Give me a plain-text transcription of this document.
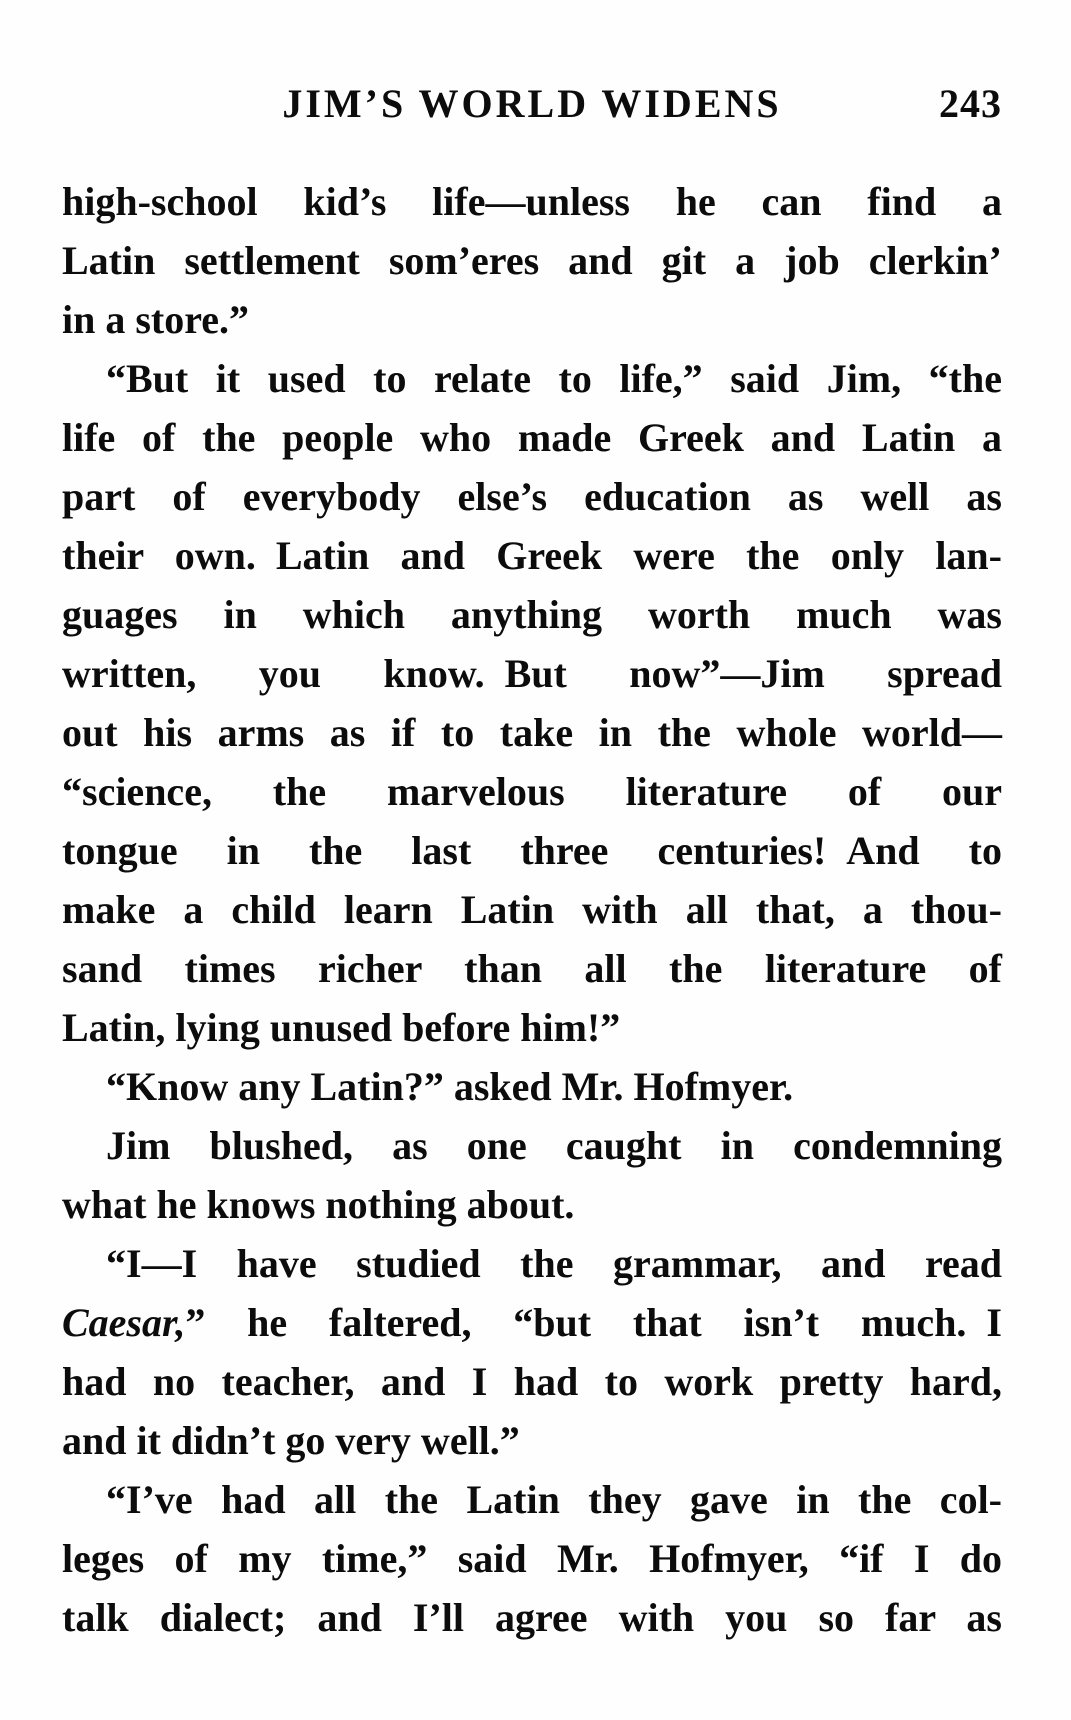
JIM’S WORLD WIDENS	243
high-school kid’s life—unless he can find a
Latin settlement som’eres and git a job clerkin’
in a store.”
“But it used to relate to life,” said Jim, “the
life of the people who made Greek and Latin a
part of everybody else’s education as well as
their own. Latin and Greek were the only lan-
guages in which anything worth much was
written, you know. But now”—Jim spread
out his arms as if to take in the whole world—
“science, the marvelous literature of our
tongue in the last three centuries! And to
make a child learn Latin with all that, a thou-
sand times richer than all the literature of
Latin, lying unused before him!”
“Know any Latin?” asked Mr. Hofmyer.
Jim blushed, as one caught in condemning
what he knows nothing about.
“I—I have studied the grammar, and read
Caesar,” he faltered, “but that isn’t much. I
had no teacher, and I had to work pretty hard,
and it didn’t go very well.”
“I’ve had all the Latin they gave in the col-
leges of my time,” said Mr. Hofmyer, “if I do
talk dialect; and I’ll agree with you so far as
